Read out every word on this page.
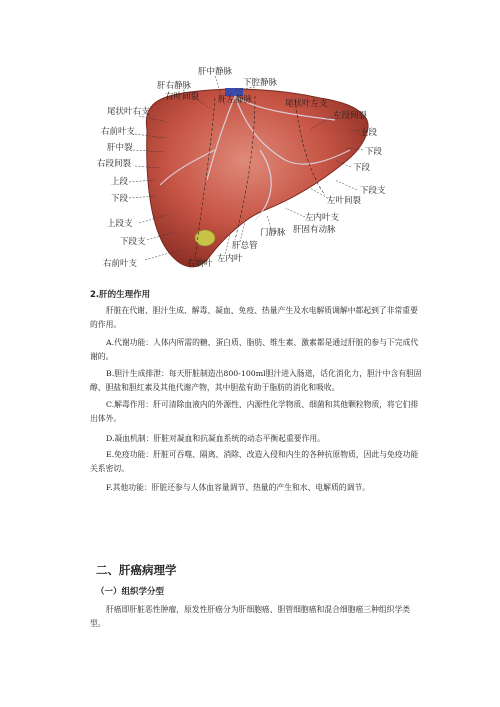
肝右静脉
肝中静脉
下腔静脉
肝左静脉
右叶间裂
尾状叶左支
尾状叶右支	左段间裂
右前叶支	上段
肝中裂	下段
右段间裂	下段
上段
下段支
下段	左叶间裂
上段支
左内叶支
下段支
门静脉 肝固有动脉
肝总管
左内叶
右前叶支	右前叶
2.肝的生理作用

肝脏在代谢、胆汁生成、解毒、凝血、免疫、热量产生及水电解质调解中都起到了非常重要的作用。

A.代谢功能：人体内所需的糖、蛋白质、脂肪、维生素、激素都是通过肝脏的参与下完成代谢的。

B.胆汁生成排泄：每天肝脏制造出800-100ml胆汁进入肠道，话化消化力，胆汁中含有胆固醇、胆盐和胆红素及其他代谢产物，其中胆盐有助于脂肪的消化和吸收。

C.解毒作用：肝可清除血液内的外源性、内源性化学物质、细菌和其他颗粒物质，将它们排出体外。

D.凝血机制：肝脏对凝血和抗凝血系统的动态平衡起重要作用。

E.免疫功能：肝脏可吞噬、隔离、消除、改造入侵和内生的各种抗原物质，因此与免疫功能关系密切。

F.其他功能：肝脏还参与人体血容量调节、热量的产生和水、电解质的调节。

二、肝癌病理学
（一）组织学分型

肝癌即肝脏恶性肿瘤，原发性肝癌分为肝细胞癌、胆管细胞癌和混合细胞癌三种组织学类型。
